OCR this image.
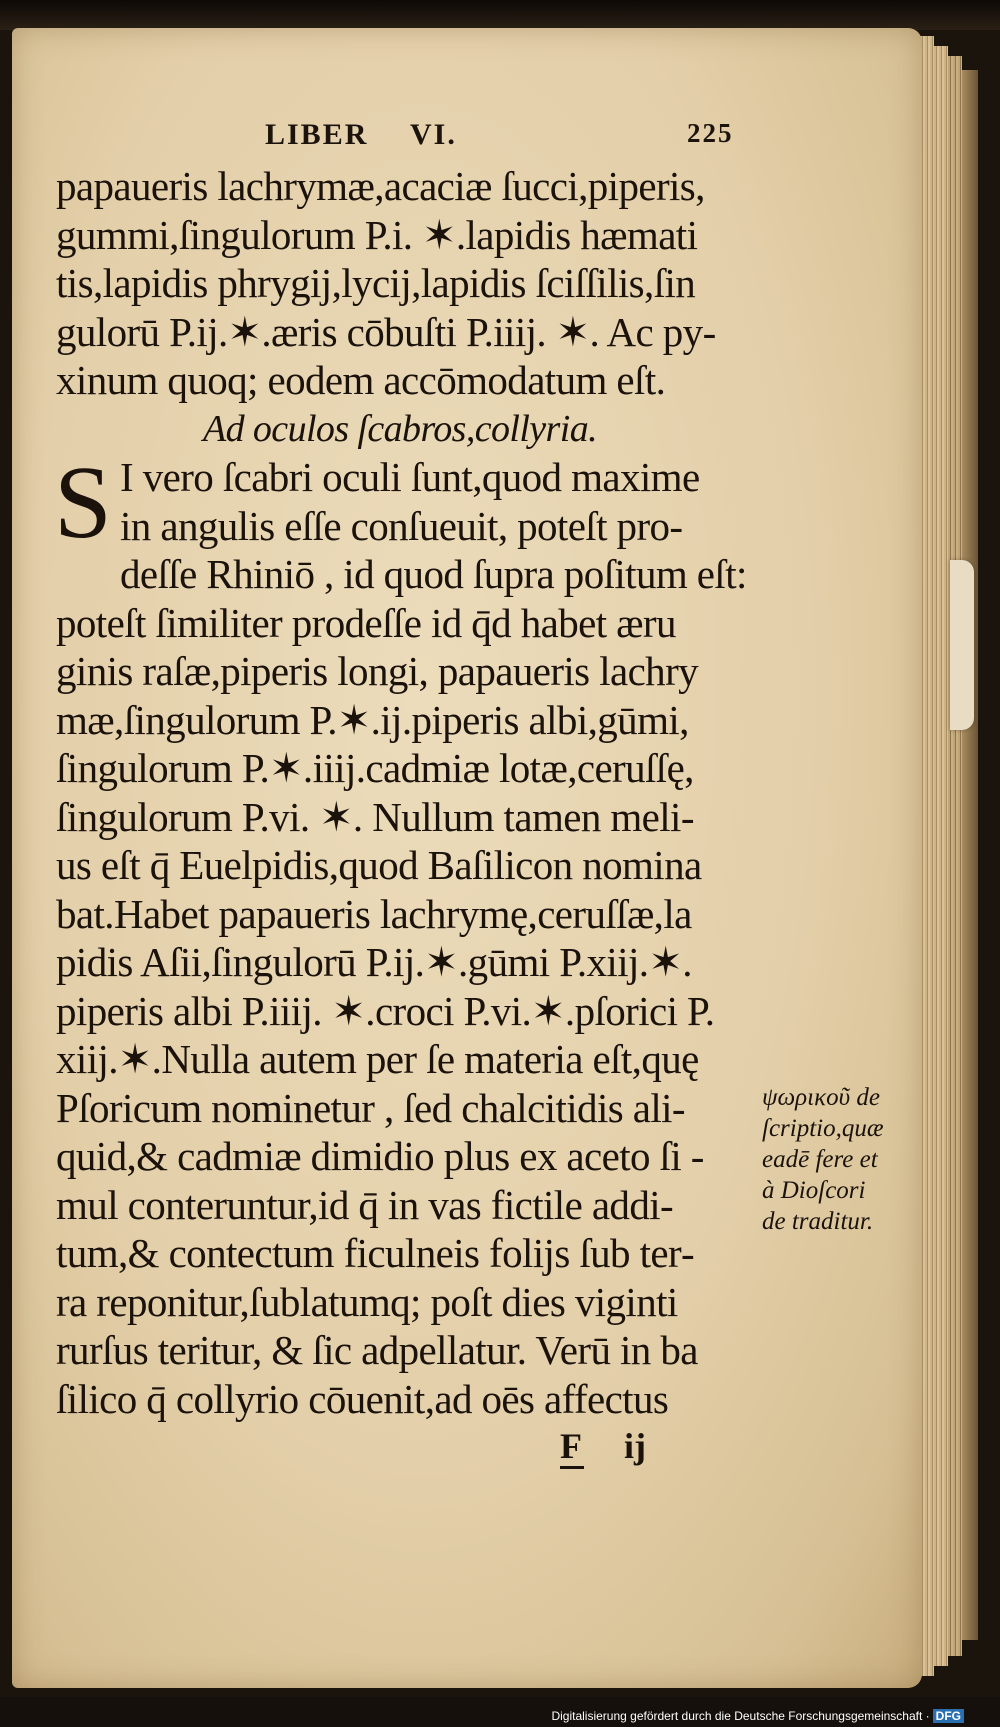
LIBER VI.	225
papaueris lachrymæ,acaciæ ſucci,piperis,
gummi,ſingulorum P.i. ✶.lapidis hæmati
tis,lapidis phrygij,lycij,lapidis ſciſſilis,ſin
gulorū P.ij.✶.æris cōbuſti P.iiij. ✶. Ac py‑
xinum quoq; eodem accōmodatum eſt.
Ad oculos ſcabros,collyria.
S I vero ſcabri oculi ſunt,quod maxime
in angulis eſſe conſueuit, poteſt pro-
deſſe Rhiniō , id quod ſupra poſitum eſt:
poteſt ſimiliter prodeſſe id q̄d habet æru
ginis raſæ,piperis longi, papaueris lachry
mæ,ſingulorum P.✶.ij.piperis albi,gūmi,
ſingulorum P.✶.iiij.cadmiæ lotæ,ceruſſę,
ſingulorum P.vi. ✶. Nullum tamen meli‑
us eſt q̄ Euelpidis,quod Baſilicon nomina
bat.Habet papaueris lachrymę,ceruſſæ,la
pidis Aſii,ſingulorū P.ij.✶.gūmi P.xiij.✶.
piperis albi P.iiij. ✶.croci P.vi.✶.pſorici P.
xiij.✶.Nulla autem per ſe materia eſt,quę
Pſoricum nominetur , ſed chalcitidis ali‑
quid,& cadmiæ dimidio plus ex aceto ſi ‑
mul conteruntur,id q̄ in vas fictile addi‑
tum,& contectum ficulneis folijs ſub ter‑
ra reponitur,ſublatumq; poſt dies viginti
rurſus teritur, & ſic adpellatur. Verū in ba
ſilico q̄ collyrio cōuenit,ad oēs affectus
ψωρικοῦ de
ſcriptio,quæ
eadē fere et
à Dioſcori
de traditur.
F ij
Digitalisierung gefördert durch die Deutsche Forschungsgemeinschaft · DFG
